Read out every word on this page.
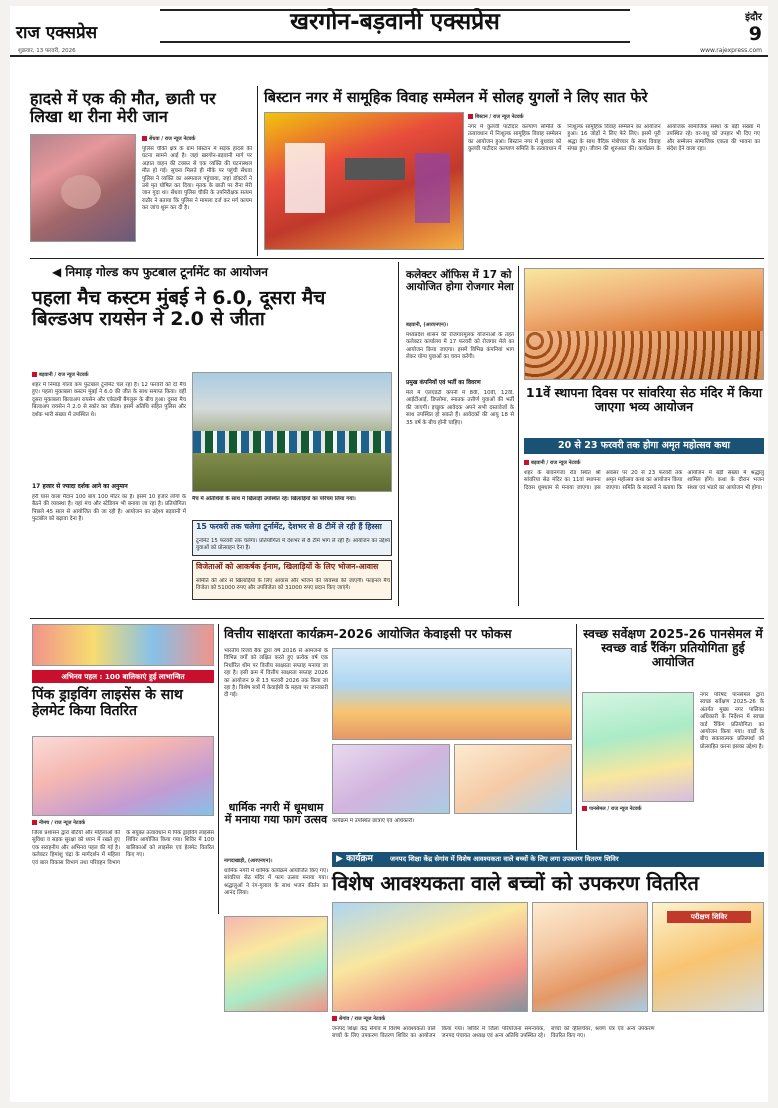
राज एक्सप्रेस
शुक्रवार, 13 फरवरी, 2026
खरगोन-बड़वानी एक्सप्रेस	इंदौर
9
www.rajexpress.com
हादसे में एक की मौत, छाती पर लिखा था रीना मेरी जान
सेंधवा / राज न्यूज नेटवर्क
पुलिस चौकी क्षेत्र के ग्राम बिस्टान में सड़क हादसे की घटना सामने आई है। जहां खरगोन-बड़वानी मार्ग पर अज्ञात वाहन की टक्कर से एक व्यक्ति की घटनास्थल मौत हो गई। सूचना मिलते ही मौके पर पहुंची सेंधवा पुलिस ने व्यक्ति का अस्पताल पहुंचाया, जहां डॉक्टरों ने उसे मृत घोषित कर दिया। मृतक के छाती पर रीना मेरी जान गुदा था। सेंधवा पुलिस चौकी के उपनिरीक्षक सत्यम राठौर ने बताया कि पुलिस ने मामला दर्ज कर मर्ग कायम कर जांच शुरू कर दी है।
बिस्टान नगर में सामूहिक विवाह सम्मेलन में सोलह युगलों ने लिए सात फेरे
बिस्टान / राज न्यूज नेटवर्क
नगर में कुलवी पाटीदार कल्याण समिति के तत्वावधान में निःशुल्क सामूहिक विवाह सम्मेलन का आयोजन हुआ। बिस्टान नगर में बुधवार को कुलवी पाटीदार कल्याण समिति के तत्वावधान में निःशुल्क सामूहिक विवाह सम्मेलन का आयोजन हुआ। 16 जोड़ों ने लिए फेरे लिए। इसमें पूरी श्रद्धा के साथ वैदिक मंत्रोच्चार के साथ विवाह संपन्न हुए। जीवन की शुरुआत की। कार्यक्रम के आयोजक सामाजिक संस्था के बड़ी संख्या में उपस्थित रहे। वर-वधू को उपहार भी दिए गए और सम्मेलन सामाजिक एकता की भावना का संदेश देने वाला रहा।
◀ निमाड़ गोल्ड कप फुटबाल टूर्नामेंट का आयोजन
पहला मैच कस्टम मुंबई ने 6.0, दूसरा मैच बिल्डअप रायसेन ने 2.0 से जीता
बड़वानी / राज न्यूज नेटवर्क
शहर में निमाड़ गोल्ड कप फुटबाल टूर्नामेंट चल रहा है। 12 फरवरी को दो मैच हुए। पहला मुकाबला कस्टम मुंबई ने 6.0 की जीत के साथ समाप्त किया। वहीं दूसरा मुकाबला बिल्डअप रायसेन और एकेडमी बैंगलुरू के बीच हुआ। दूसरा मैच बिल्डअप रायसेन ने 2.0 से स्कोर कर जीता। इसमें अतिथि सहित पुलिस और दर्शक भारी संख्या में उपस्थित थे।
17 हजार से ज्यादा दर्शक आने का अनुमान
हरी घास वाला मैदान 100 बाय 100 मीटर का है। इसमें 10 हजार लोगों के बैठने की व्यवस्था है। यहां मंच और स्टेडियम भी बनाया जा रहा है। प्रतियोगिता पिछले 45 साल से आयोजित की जा रही है। आयोजन का उद्देश्य बड़वानी में फुटबॉल को बढ़ावा देना है।
मैच में अतिथियों के साथ में खिलाड़ी उपस्थित रहे। खिलाड़ियों का परिचय लिया गया।
15 फरवरी तक चलेगा टूर्नामेंट, देशभर से 8 टीमें ले रही हैं हिस्सा
टूर्नामेंट 15 फरवरी तक चलेगा। प्रतियोगिता में देशभर से 8 टीमें भाग ले रही हैं। आयोजन का उद्देश्य युवाओं को प्रोत्साहन देना है।
विजेताओं को आकर्षक ईनाम, खिलाड़ियों के लिए भोजन-आवास
समिति की ओर से खिलाड़ियों के लिए आवास और भोजन की व्यवस्था की जाएगी। फाइनल मैच विजेता को 51000 रुपए और उपविजेता को 31000 रुपए प्रदान किए जाएंगे।
कलेक्टर ऑफिस में 17 को आयोजित होगा रोजगार मेला
बड़वानी, (आरएनएन)।
मध्यप्रदेश शासन की रोजगारमूलक योजनाओं के तहत कलेक्टर कार्यालय में 17 फरवरी को रोजगार मेले का आयोजन किया जाएगा। इसमें विभिन्न कंपनियां भाग लेकर योग्य युवाओं का चयन करेंगी।
प्रमुख कंपनियों एवं भर्ती का विवरण
मेले में एलएंडटी कंपनी में 8वीं, 10वीं, 12वीं, आईटीआई, डिप्लोमा, स्नातक उत्तीर्ण युवाओं की भर्ती की जाएगी। इच्छुक आवेदक अपने सभी दस्तावेजों के साथ उपस्थित हो सकते हैं। आवेदकों की आयु 18 से 35 वर्ष के बीच होनी चाहिए।
11वें स्थापना दिवस पर सांवरिया सेठ मंदिर में किया जाएगा भव्य आयोजन
20 से 23 फरवरी तक होगा अमृत महोत्सव कथा
बड़वानी / राज न्यूज नेटवर्क
शहर के बावनगजा रोड स्थित श्री सांवरिया सेठ मंदिर का 11वां स्थापना दिवस धूमधाम से मनाया जाएगा। इस अवसर पर 20 से 23 फरवरी तक अमृत महोत्सव कथा का आयोजन किया जाएगा। समिति के सदस्यों ने बताया कि आयोजन में बड़ी संख्या में श्रद्धालु शामिल होंगे। कथा के दौरान भजन संध्या एवं भंडारे का आयोजन भी होगा।
अभिनव पहल : 100 बालिकाएं हुई लाभान्वित
पिंक ड्राइविंग लाइसेंस के साथ हेलमेट किया वितरित
नीमच / राज न्यूज नेटवर्क
जिला प्रशासन द्वारा बेटियों और महिलाओं की सुविधा व सड़क सुरक्षा को ध्यान में रखते हुए एक सराहनीय और अभिनव पहल की गई है। कलेक्टर हिमांशु चंद्रा के मार्गदर्शन में महिला एवं बाल विकास विभाग तथा परिवहन विभाग के संयुक्त तत्वावधान में पिंक ड्राइविंग लाइसेंस शिविर आयोजित किया गया। शिविर में 100 बालिकाओं को लाइसेंस एवं हेलमेट वितरित किए गए।
वित्तीय साक्षरता कार्यक्रम-2026 आयोजित केवाइसी पर फोकस
भारतीय रिजर्व बैंक द्वारा वर्ष 2016 से आमजनों के विभिन्न वर्गों को लक्षित करते हुए प्रत्येक वर्ष एक निर्धारित थीम पर वित्तीय साक्षरता सप्ताह मनाया जा रहा है। इसी क्रम में वित्तीय साक्षरता सप्ताह 2026 का आयोजन 9 से 13 फरवरी 2026 तक किया जा रहा है। विशेष सत्रों में केवाईसी के महत्व पर जानकारी दी गई।
कार्यक्रम में उपस्थित छात्राएं एवं अधिकारी।
धार्मिक नगरी में धूमधाम में मनाया गया फाग उत्सव
नागदाखाड़ी, (आरएनएन)।
धार्मिक नगरी में धार्मिक कार्यक्रम आयोजित किए गए। सांवरिया सेठ मंदिर में फाग उत्सव मनाया गया। श्रद्धालुओं ने रंग-गुलाल के साथ भजन कीर्तन का आनंद लिया।
स्वच्छ सर्वेक्षण 2025-26 पानसेमल में स्वच्छ वार्ड रैंकिंग प्रतियोगिता हुई आयोजित
पानसेमल / राज न्यूज नेटवर्क
नगर परिषद पानसेमल द्वारा स्वच्छ सर्वेक्षण 2025-26 के अंतर्गत मुख्य नगर पालिका अधिकारी के निर्देशन में स्वच्छ वार्ड रैंकिंग प्रतियोगिता का आयोजन किया गया। वार्डों के बीच सकारात्मक प्रतिस्पर्धा को प्रोत्साहित करना इसका उद्देश्य है।
▶ कार्यक्रम	जनपद शिक्षा केंद्र सेगांव में विशेष आवश्यकता वाले बच्चों के लिए लगा उपकरण वितरण शिविर
विशेष आवश्यकता वाले बच्चों को उपकरण वितरित
परीक्षण शिविर
सेगांव / राज न्यूज नेटवर्क
जनपद शिक्षा केंद्र सेगांव में विशेष आवश्यकता वाले बच्चों के लिए उपकरण वितरण शिविर का आयोजन किया गया। शिविर में जिला परियोजना समन्वयक, जनपद पंचायत अध्यक्ष एवं अन्य अतिथि उपस्थित रहे। बच्चों को व्हीलचेयर, श्रवण यंत्र एवं अन्य उपकरण वितरित किए गए।
